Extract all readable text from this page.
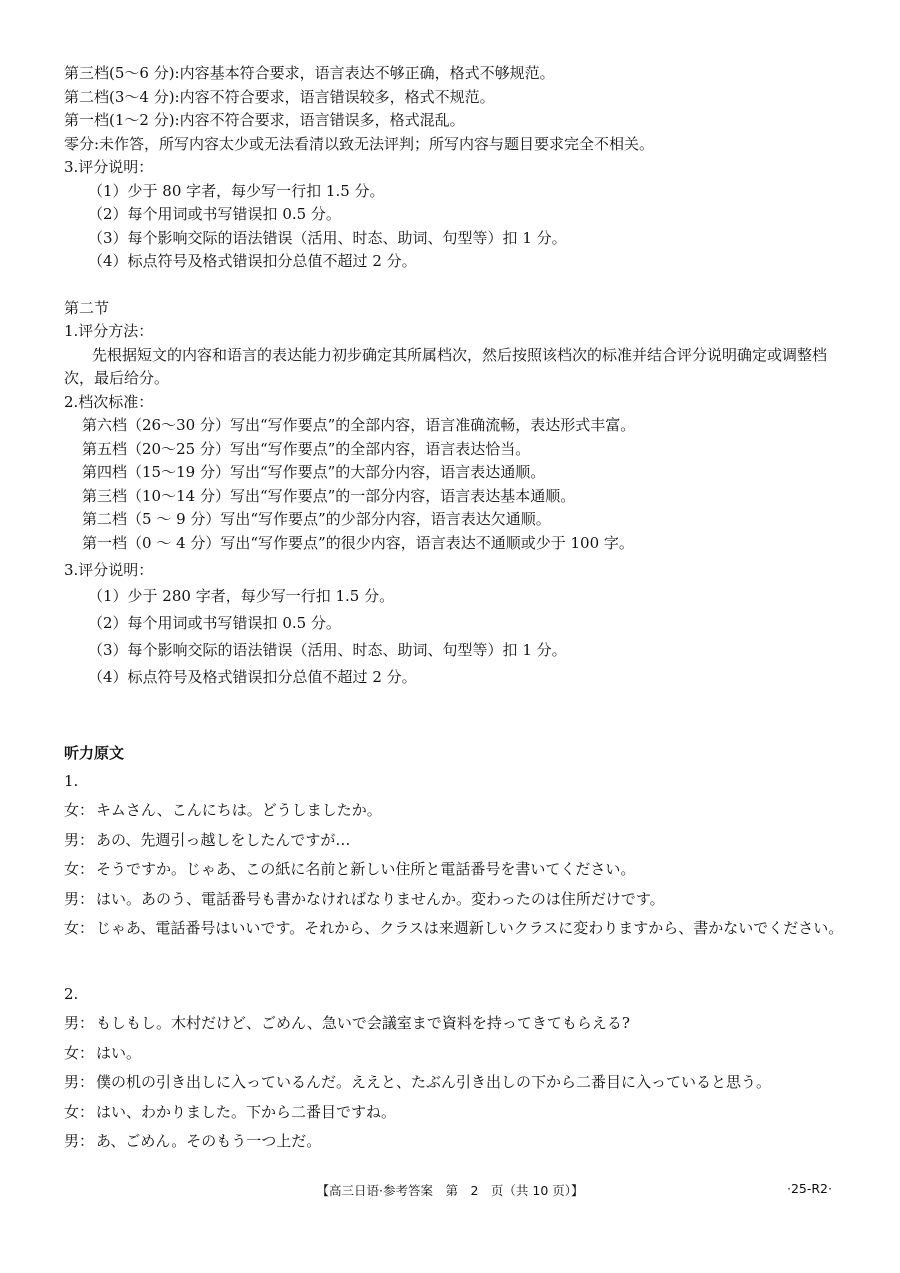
第三档(5～6 分):内容基本符合要求，语言表达不够正确，格式不够规范。
第二档(3～4 分):内容不符合要求，语言错误较多，格式不规范。
第一档(1～2 分):内容不符合要求，语言错误多，格式混乱。
零分:未作答，所写内容太少或无法看清以致无法评判；所写内容与题目要求完全不相关。
3.评分说明：
（1）少于 80 字者，每少写一行扣 1.5 分。
（2）每个用词或书写错误扣 0.5 分。
（3）每个影响交际的语法错误（活用、时态、助词、句型等）扣 1 分。
（4）标点符号及格式错误扣分总值不超过 2 分。
第二节
1.评分方法：
先根据短文的内容和语言的表达能力初步确定其所属档次，然后按照该档次的标准并结合评分说明确定或调整档次，最后给分。
2.档次标准：
第六档（26～30 分）写出“写作要点”的全部内容，语言准确流畅，表达形式丰富。
第五档（20～25 分）写出“写作要点”的全部内容，语言表达恰当。
第四档（15～19 分）写出“写作要点”的大部分内容，语言表达通顺。
第三档（10～14 分）写出“写作要点”的一部分内容，语言表达基本通顺。
第二档（5 ～ 9 分）写出“写作要点”的少部分内容，语言表达欠通顺。
第一档（0 ～ 4 分）写出“写作要点”的很少内容，语言表达不通顺或少于 100 字。
3.评分说明：
（1）少于 280 字者，每少写一行扣 1.5 分。
（2）每个用词或书写错误扣 0.5 分。
（3）每个影响交际的语法错误（活用、时态、助词、句型等）扣 1 分。
（4）标点符号及格式错误扣分总值不超过 2 分。
听力原文
1.
女： キムさん、こんにちは。どうしましたか。
男： あの、先週引っ越しをしたんですが…
女： そうですか。じゃあ、この紙に名前と新しい住所と電話番号を書いてください。
男： はい。あのう、電話番号も書かなければなりませんか。変わったのは住所だけです。
女： じゃあ、電話番号はいいです。それから、クラスは来週新しいクラスに変わりますから、書かないでください。
2.
男： もしもし。木村だけど、ごめん、急いで会議室まで資料を持ってきてもらえる?
女： はい。
男： 僕の机の引き出しに入っているんだ。ええと、たぶん引き出しの下から二番目に入っていると思う。
女： はい、わかりました。下から二番目ですね。
男： あ、ごめん。そのもう一つ上だ。
【高三日语·参考答案　第　2　页（共 10 页）】	·25-R2·
